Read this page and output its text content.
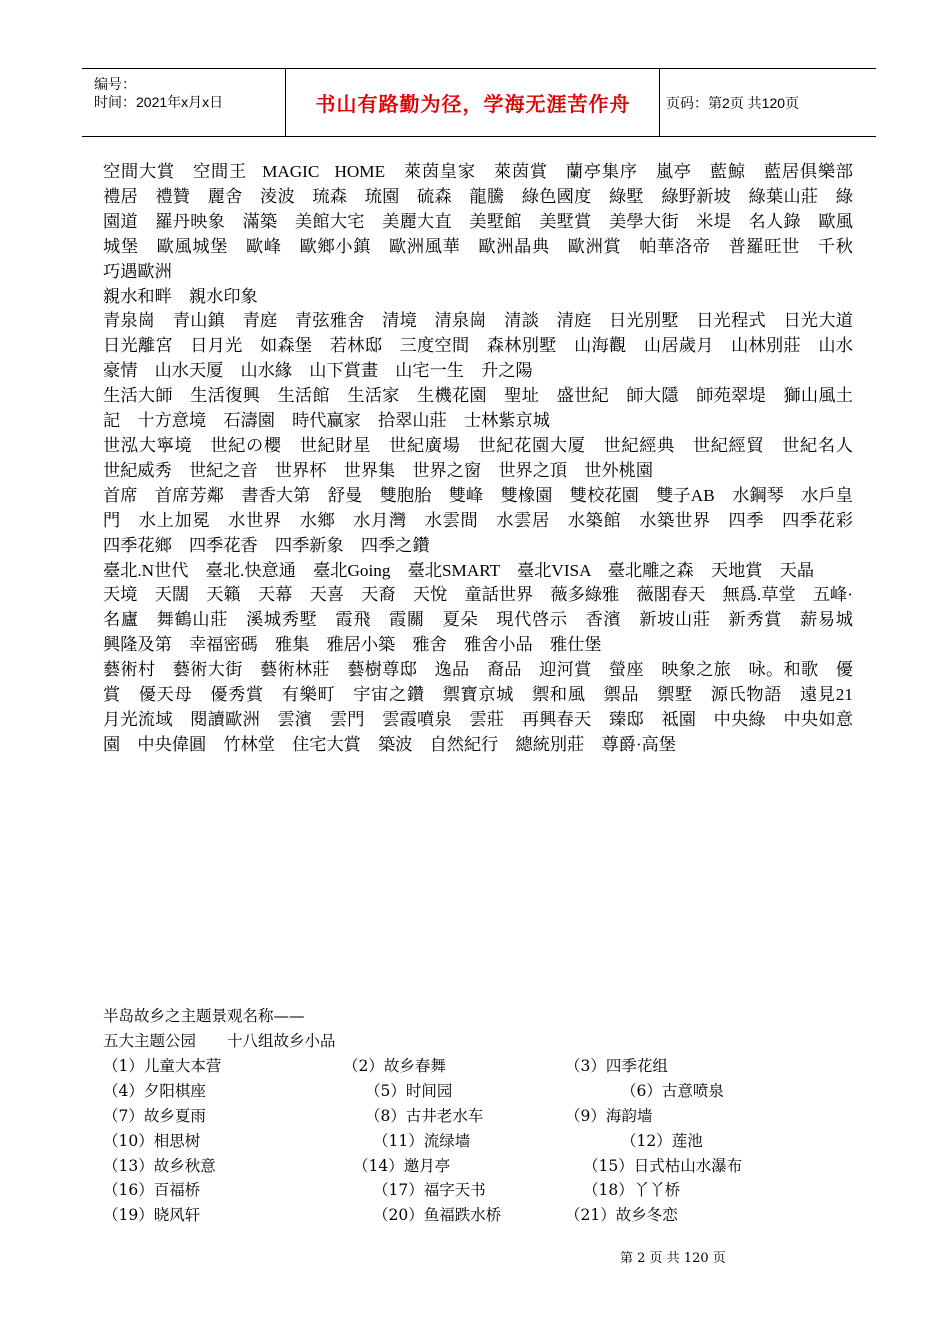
编号：
时间：2021年x月x日	书山有路勤为径，学海无涯苦作舟	页码：第2页 共120页

空間大賞　空間王 MAGIC HOME　萊茵皇家　萊茵賞　蘭亭集序　嵐亭　藍鯨　藍居俱樂部　禮居　禮贊　麗舍　淩波　琉森　琉園　硫森　龍騰　綠色國度　綠墅　綠野新坡　綠葉山莊　綠園道　羅丹映象　滿築　美館大宅　美麗大直　美墅館　美墅賞　美學大街　米堤　名人錄　歐風城堡　歐風城堡　歐峰　歐鄉小鎮　歐洲風華　歐洲晶典　歐洲賞　帕華洛帝　普羅旺世　千秋　巧遇歐洲

親水和畔　親水印象

青泉崗　青山鎮　青庭　青弦雅舍　清境　清泉崗　清談　清庭　日光別墅　日光程式　日光大道　日光離宮　日月光　如森堡　若林邸　三度空間　森林別墅　山海觀　山居歲月　山林別莊　山水豪情　山水天厦　山水緣　山下賞畫　山宅一生　升之陽

生活大師　生活復興　生活館　生活家　生機花園　聖址　盛世紀　師大隱　師苑翠堤　獅山風土記　十方意境　石濤園　時代赢家　拾翠山莊　士林紫京城

世泓大寧境　世紀の櫻　世紀財星　世紀廣場　世紀花園大厦　世紀經典　世紀經貿　世紀名人　世紀威秀　世紀之音　世界杯　世界集　世界之窗　世界之頂　世外桃園

首席　首席芳鄰　書香大第　舒曼　雙胞胎　雙峰　雙橡園　雙校花園　雙子AB　水鋼琴　水戶皇門　水上加冕　水世界　水鄉　水月灣　水雲間　水雲居　水築館　水築世界　四季　四季花彩　四季花鄉　四季花香　四季新象　四季之鑽

臺北.N世代　臺北.快意通　臺北Going　臺北SMART　臺北VISA　臺北雕之森　天地賞　天晶

天境　天闊　天籟　天幕　天喜　天裔　天悅　童話世界　薇多綠雅　薇閣春天　無爲.草堂　五峰·名廬　舞鶴山莊　溪城秀墅　霞飛　霞關　夏朵　現代啓示　香濱　新坡山莊　新秀賞　薪易城　興隆及第　幸福密碼　雅集　雅居小築　雅舍　雅舍小品　雅仕堡

藝術村　藝術大街　藝術林莊　藝樹尊邸　逸品　裔品　迎河賞　螢座　映象之旅　咏。和歌　優賞　優天母　優秀賞　有樂町　宇宙之鑽　禦寶京城　禦和風　禦品　禦墅　源氏物語　遠見21　月光流域　閱讀歐洲　雲濱　雲門　雲霞噴泉　雲莊　再興春天　臻邸　祗園　中央綠　中央如意園　中央偉圓　竹林堂　住宅大賞　築波　自然紀行　總統別莊　尊爵·高堡

半岛故乡之主题景观名称——
五大主题公园　　十八组故乡小品
（1）儿童大本营	（2）故乡春舞	（3）四季花组
（4）夕阳棋座	（5）时间园	（6）古意喷泉
（7）故乡夏雨	（8）古井老水车	（9）海韵墙
（10）相思树	（11）流绿墙	（12）莲池
（13）故乡秋意	（14）邀月亭	（15）日式枯山水瀑布
（16）百福桥	（17）福字天书	（18）丫丫桥
（19）晓风轩	（20）鱼福跌水桥	（21）故乡冬恋
第 2 页 共 120 页
